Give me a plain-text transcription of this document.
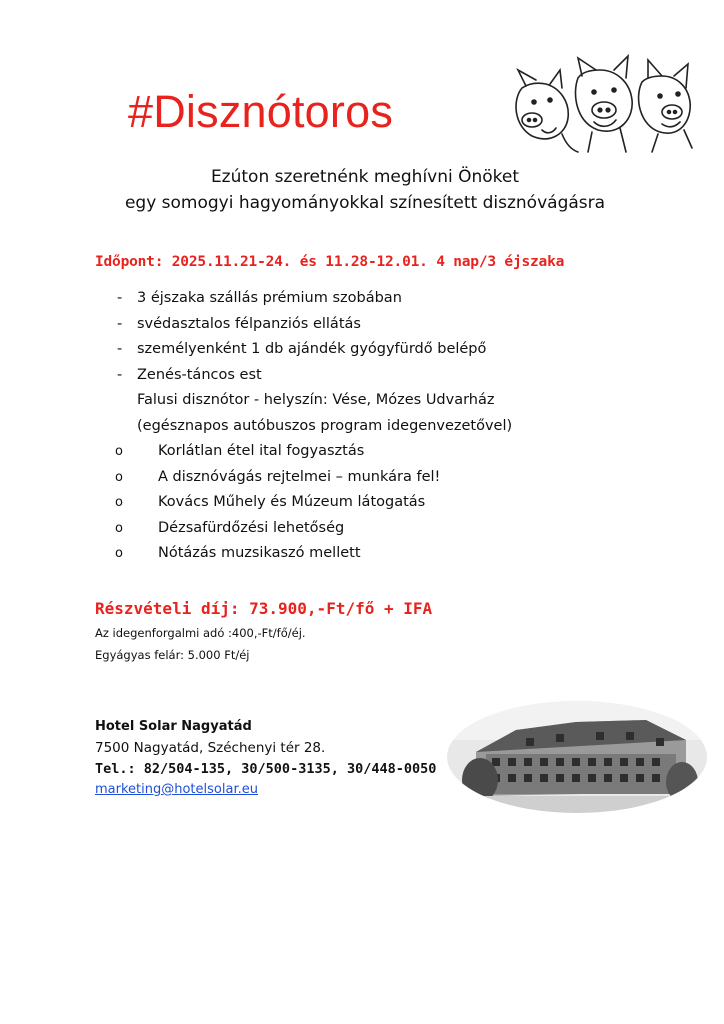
#Disznótoros
Ezúton szeretnénk meghívni Önöket
egy somogyi hagyományokkal színesített disznóvágásra
Időpont: 2025.11.21-24. és 11.28-12.01. 4 nap/3 éjszaka
- 3 éjszaka szállás prémium szobában
- svédasztalos félpanziós ellátás
- személyenként 1 db ajándék gyógyfürdő belépő
- Zenés-táncos est
Falusi disznótor - helyszín: Vése, Mózes Udvarház
(egésznapos autóbuszos program idegenvezetővel)
o Korlátlan étel ital fogyasztás
o A disznóvágás rejtelmei – munkára fel!
o Kovács Műhely és Múzeum látogatás
o Dézsafürdőzési lehetőség
o Nótázás muzsikaszó mellett
Részvételi díj: 73.900,-Ft/fő + IFA
Az idegenforgalmi adó :400,-Ft/fő/éj.
Egyágyas felár: 5.000 Ft/éj
Hotel Solar Nagyatád
7500 Nagyatád, Széchenyi tér 28.
Tel.: 82/504-135, 30/500-3135, 30/448-0050
marketing@hotelsolar.eu
